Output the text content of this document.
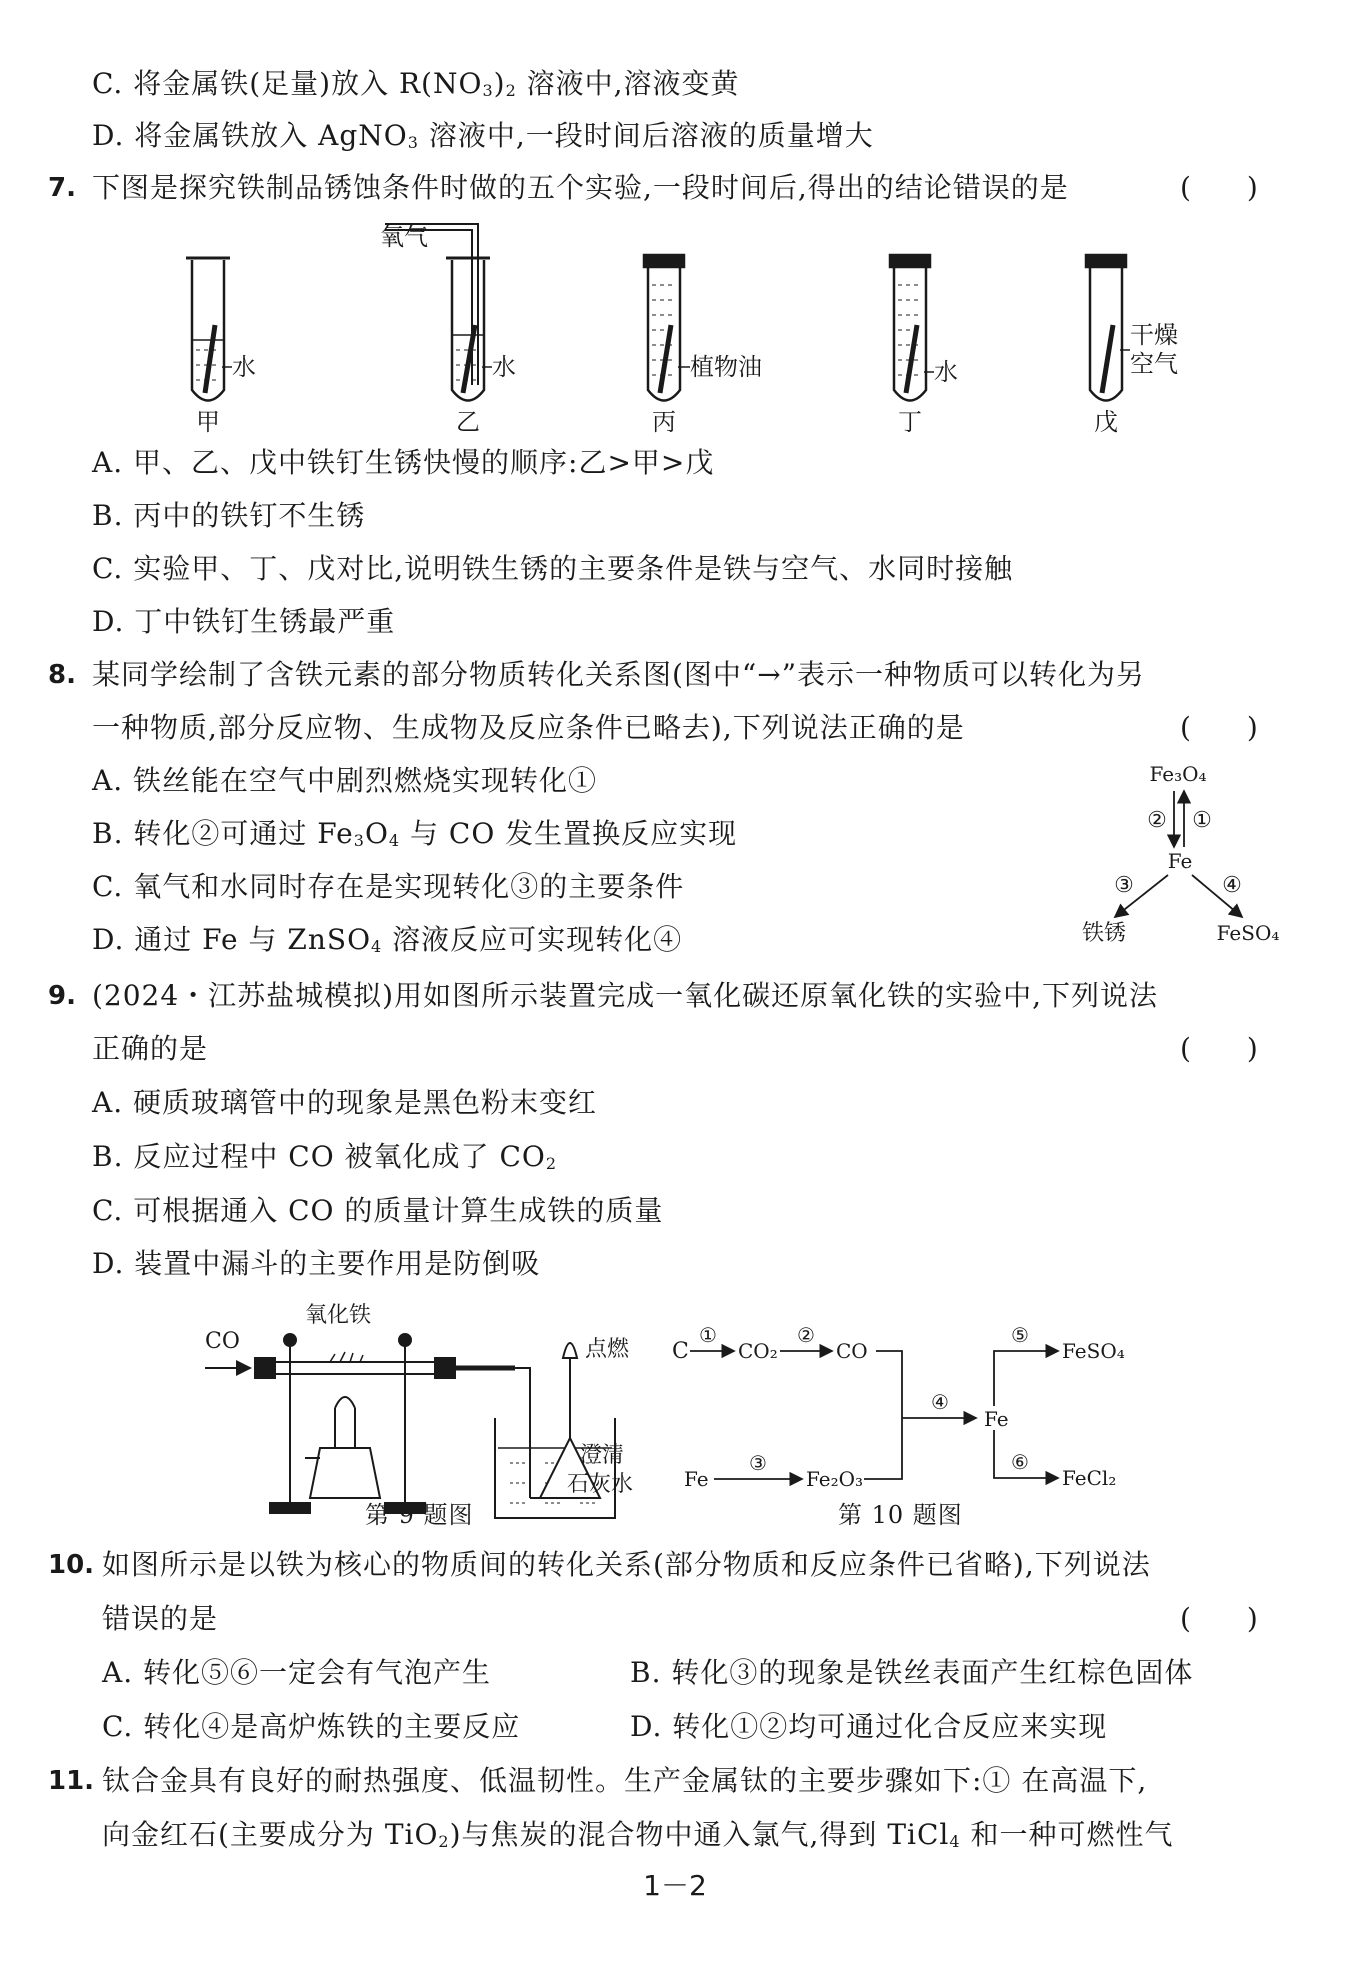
C. 将金属铁(足量)放入 $R(NO_3)_2$ 溶液中,溶液变黄
D. 将金属铁放入 AgNO$_3$ 溶液中,一段时间后溶液的质量增大
7. 下图是探究铁制品锈蚀条件时做的五个实验,一段时间后,得出的结论错误的是	(　　)
氧气
水	水	植物油	水
干燥
空气
甲	乙	丙	丁	戊
A. 甲、乙、戊中铁钉生锈快慢的顺序:乙>甲>戊
B. 丙中的铁钉不生锈
C. 实验甲、丁、戊对比,说明铁生锈的主要条件是铁与空气、水同时接触
D. 丁中铁钉生锈最严重
8. 某同学绘制了含铁元素的部分物质转化关系图(图中“→”表示一种物质可以转化为另
一种物质,部分反应物、生成物及反应条件已略去),下列说法正确的是	(　　)
A. 铁丝能在空气中剧烈燃烧实现转化①
B. 转化②可通过 $Fe_3O_4$ 与 CO 发生置换反应实现
C. 氧气和水同时存在是实现转化③的主要条件
D. 通过 Fe 与 ZnSO$_4$ 溶液反应可实现转化④
Fe₃O₄
Fe
铁锈	FeSO₄
② ①
③	④
9. (2024・江苏盐城模拟)用如图所示装置完成一氧化碳还原氧化铁的实验中,下列说法
正确的是	(　　)
A. 硬质玻璃管中的现象是黑色粉末变红
B. 反应过程中 CO 被氧化成了 $CO_2$
C. 可根据通入 CO 的质量计算生成铁的质量
D. 装置中漏斗的主要作用是防倒吸
CO
氧化铁
点燃
澄清
石灰水
第 9 题图
C
①
CO₂
②
CO
Fe
③
Fe₂O₃
④
Fe
⑤
FeSO₄
⑥
FeCl₂
第 10 题图
10. 如图所示是以铁为核心的物质间的转化关系(部分物质和反应条件已省略),下列说法
错误的是	(　　)
A. 转化⑤⑥一定会有气泡产生	B. 转化③的现象是铁丝表面产生红棕色固体
C. 转化④是高炉炼铁的主要反应	D. 转化①②均可通过化合反应来实现
11. 钛合金具有良好的耐热强度、低温韧性。生产金属钛的主要步骤如下:① 在高温下,
向金红石(主要成分为 TiO$_2$)与焦炭的混合物中通入氯气,得到 TiCl$_4$ 和一种可燃性气
1－2
